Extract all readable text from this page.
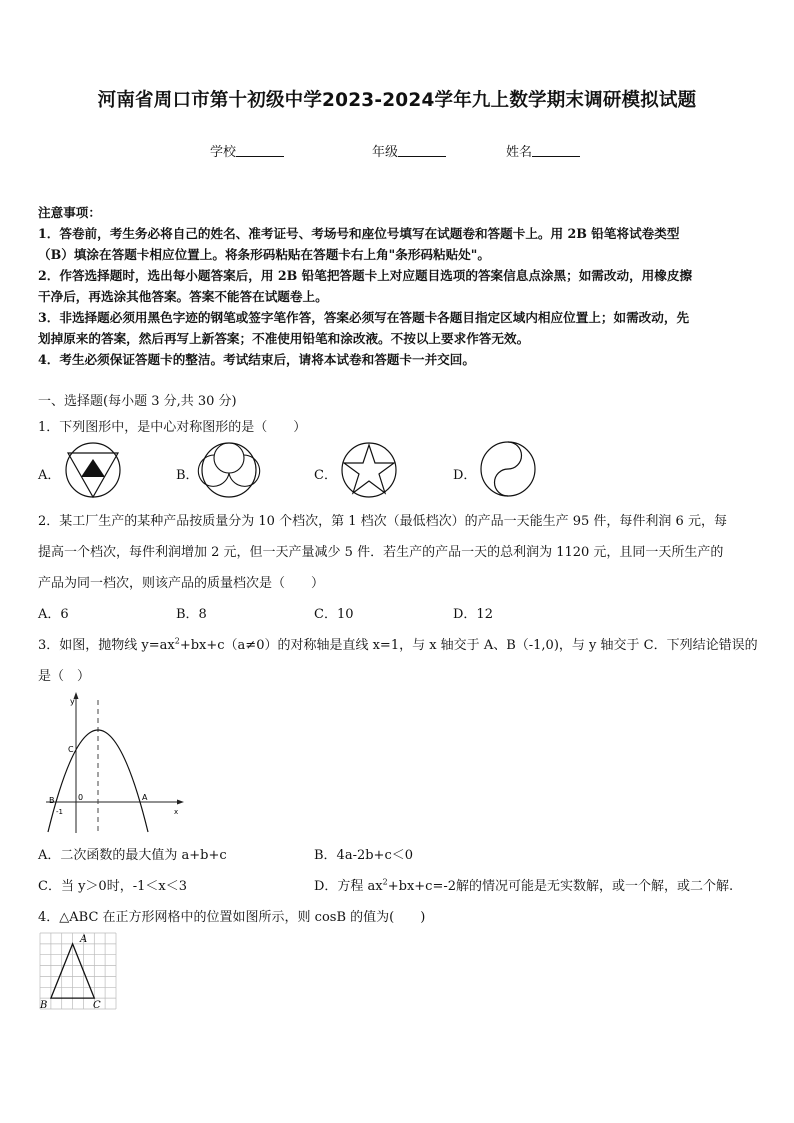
河南省周口市第十初级中学2023-2024学年九上数学期末调研模拟试题
学校	年级	姓名
注意事项：
1．答卷前，考生务必将自己的姓名、准考证号、考场号和座位号填写在试题卷和答题卡上。用 2B 铅笔将试卷类型
（B）填涂在答题卡相应位置上。将条形码粘贴在答题卡右上角"条形码粘贴处"。
2．作答选择题时，选出每小题答案后，用 2B 铅笔把答题卡上对应题目选项的答案信息点涂黑；如需改动，用橡皮擦
干净后，再选涂其他答案。答案不能答在试题卷上。
3．非选择题必须用黑色字迹的钢笔或签字笔作答，答案必须写在答题卡各题目指定区域内相应位置上；如需改动，先
划掉原来的答案，然后再写上新答案；不准使用铅笔和涂改液。不按以上要求作答无效。
4．考生必须保证答题卡的整洁。考试结束后，请将本试卷和答题卡一并交回。
一、选择题(每小题 3 分,共 30 分)
1．下列图形中，是中心对称图形的是（　　）
A．	B．	C．	D．
2．某工厂生产的某种产品按质量分为 10 个档次，第 1 档次（最低档次）的产品一天能生产 95 件，每件利润 6 元，每
提高一个档次，每件利润增加 2 元，但一天产量减少 5 件．若生产的产品一天的总利润为 1120 元，且同一天所生产的
产品为同一档次，则该产品的质量档次是（　　）
A．6	B．8	C．10	D．12
3．如图，抛物线 $y=ax^2+bx+c(a\ne 0)$的对称轴是直线 x=1，与 x 轴交于 A、B（-1,0)，与 y 轴交于 C．下列结论错误的
是（　）
y
x
C
B	A
0
-1
A．二次函数的最大值为 a+b+c	B．4a-2b+c＜0
C．当 y＞0时，-1＜x＜3	D．方程 $ax^2+bx+c=-2$解的情况可能是无实数解，或一个解，或二个解.
4．△ABC 在正方形网格中的位置如图所示，则 cosB 的值为(　　)
A
B	C
